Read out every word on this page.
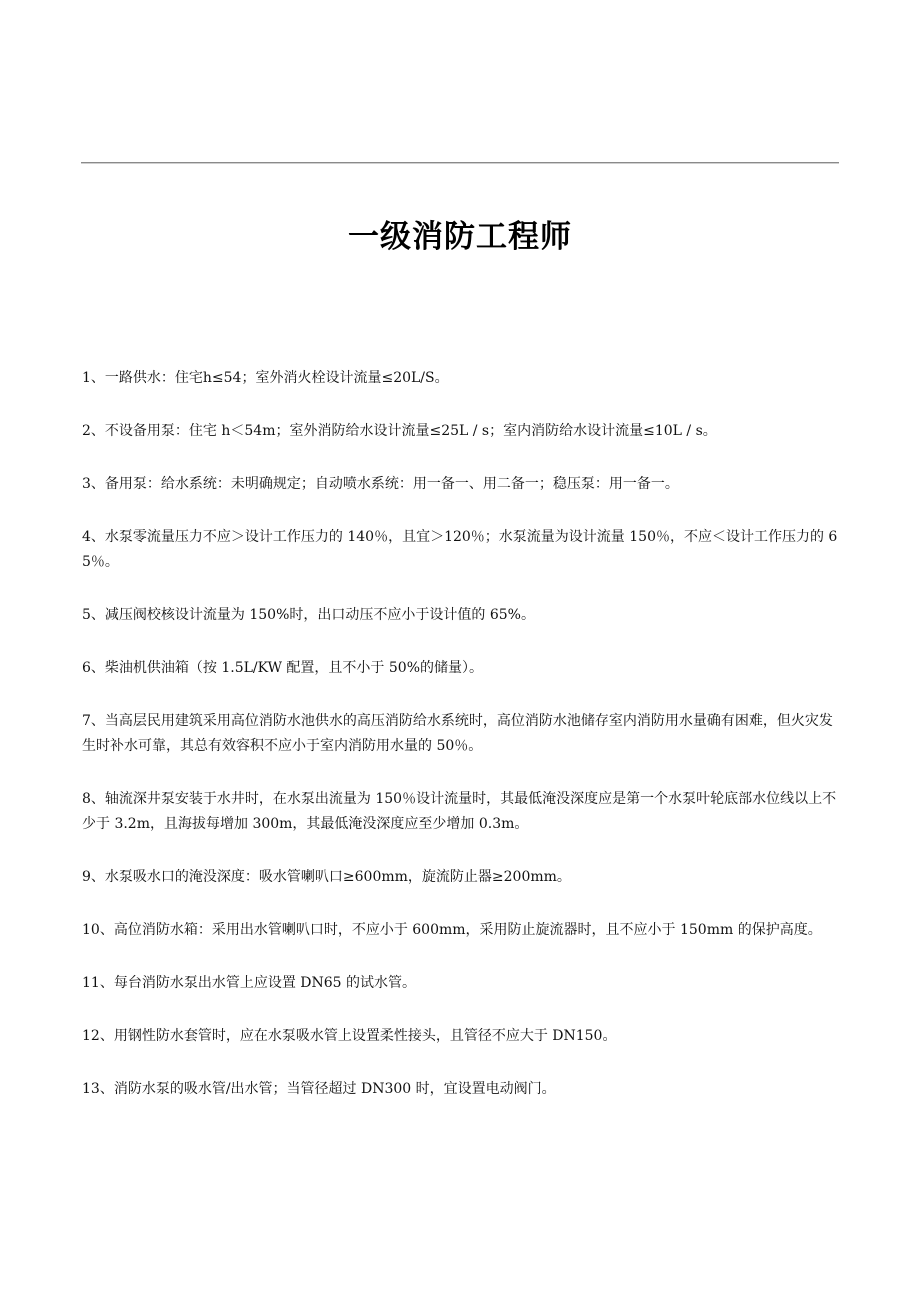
一级消防工程师
1、一路供水：住宅h≤54；室外消火栓设计流量≤20L/S。
2、不设备用泵：住宅 h＜54m；室外消防给水设计流量≤25L / s；室内消防给水设计流量≤10L / s。
3、备用泵：给水系统：未明确规定；自动喷水系统：用一备一、用二备一；稳压泵：用一备一。
4、水泵零流量压力不应＞设计工作压力的 140％，且宜＞120％；水泵流量为设计流量 150％，不应＜设计工作压力的 65％。
5、减压阀校核设计流量为 150%时，出口动压不应小于设计值的 65%。
6、柴油机供油箱（按 1.5L/KW 配置，且不小于 50%的储量）。
7、当高层民用建筑采用高位消防水池供水的高压消防给水系统时，高位消防水池储存室内消防用水量确有困难，但火灾发生时补水可靠，其总有效容积不应小于室内消防用水量的 50％。
8、轴流深井泵安装于水井时，在水泵出流量为 150％设计流量时，其最低淹没深度应是第一个水泵叶轮底部水位线以上不少于 3.2m，且海拔每增加 300m，其最低淹没深度应至少增加 0.3m。
9、水泵吸水口的淹没深度：吸水管喇叭口≥600mm，旋流防止器≥200mm。
10、高位消防水箱：采用出水管喇叭口时，不应小于 600mm，采用防止旋流器时，且不应小于 150mm 的保护高度。
11、每台消防水泵出水管上应设置 DN65 的试水管。
12、用钢性防水套管时，应在水泵吸水管上设置柔性接头，且管径不应大于 DN150。
13、消防水泵的吸水管/出水管；当管径超过 DN300 时，宜设置电动阀门。
